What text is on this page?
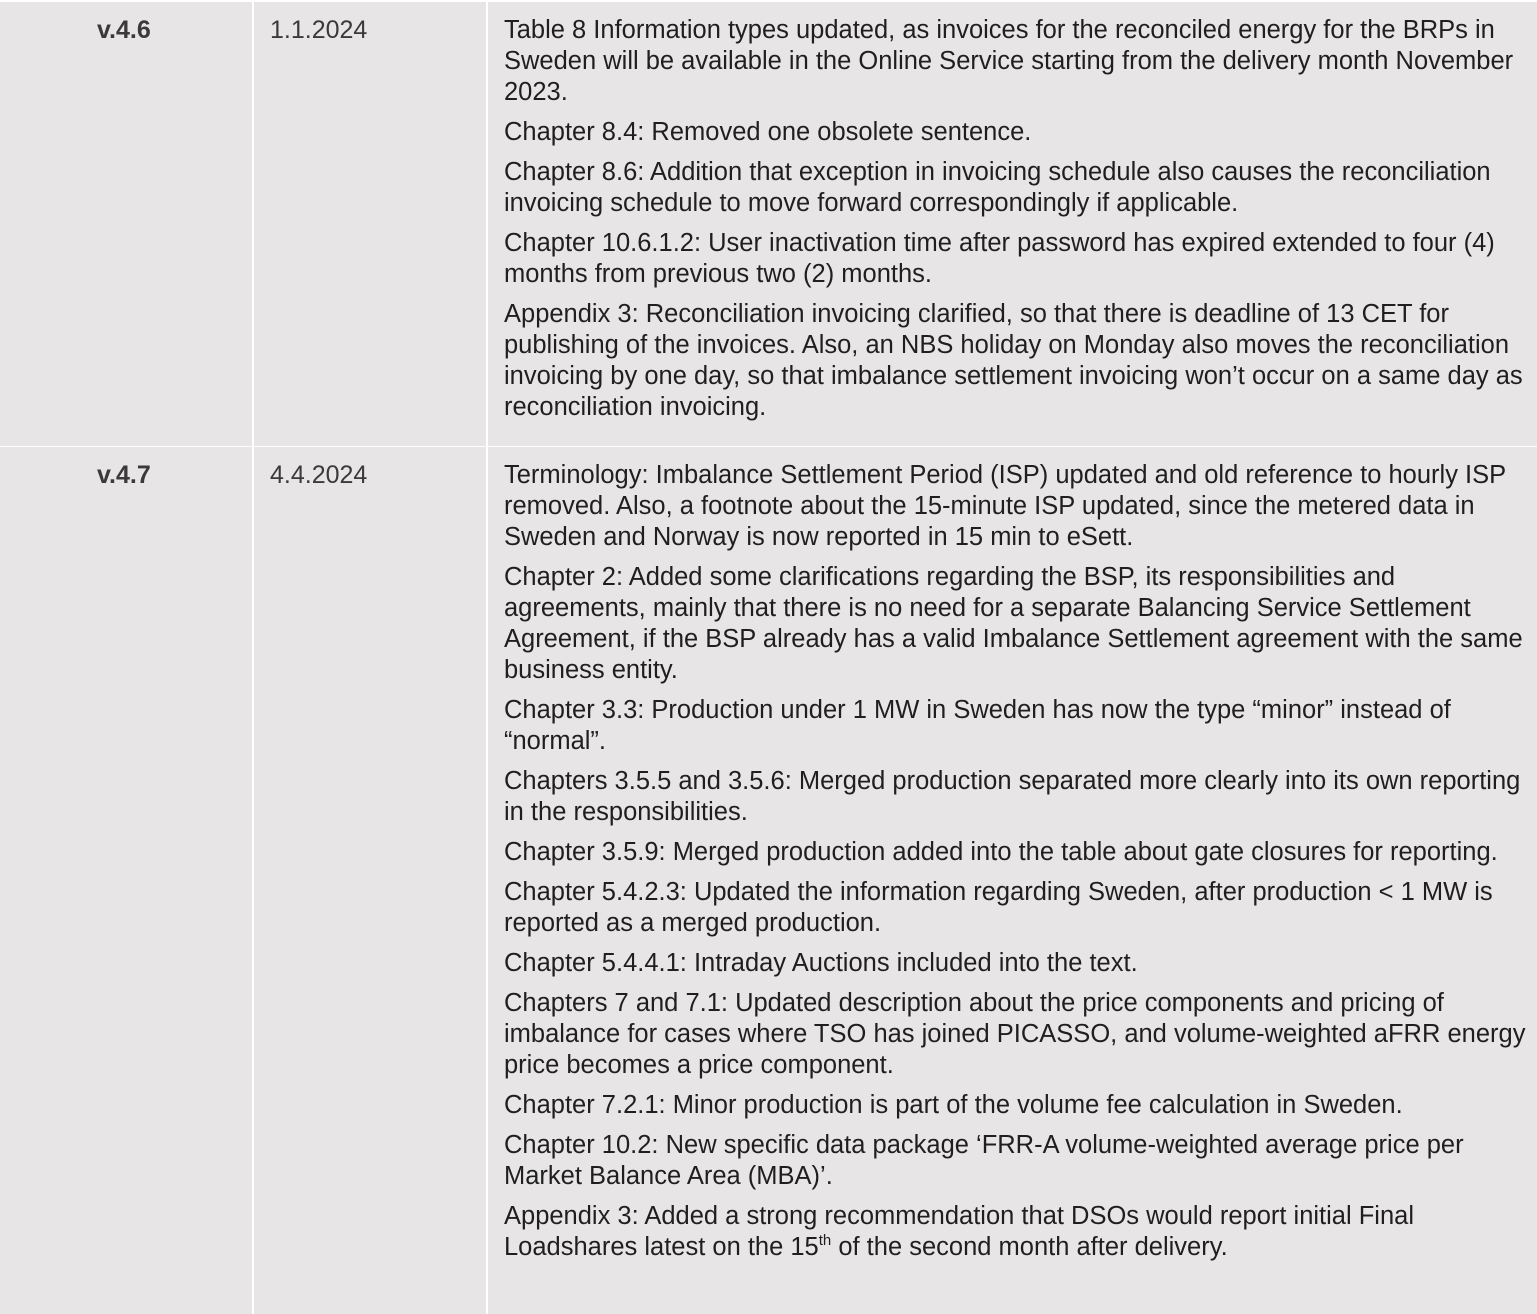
v.4.6	1.1.2024	Table 8 Information types updated, as invoices for the reconciled energy for the BRPs in Sweden will be available in the Online Service starting from the delivery month November 2023.

Chapter 8.4: Removed one obsolete sentence.

Chapter 8.6: Addition that exception in invoicing schedule also causes the reconciliation invoicing schedule to move forward correspondingly if applicable.

Chapter 10.6.1.2: User inactivation time after password has expired extended to four (4) months from previous two (2) months.

Appendix 3: Reconciliation invoicing clarified, so that there is deadline of 13 CET for publishing of the invoices. Also, an NBS holiday on Monday also moves the reconciliation invoicing by one day, so that imbalance settlement invoicing won’t occur on a same day as reconciliation invoicing.

v.4.7	4.4.2024	Terminology: Imbalance Settlement Period (ISP) updated and old reference to hourly ISP removed. Also, a footnote about the 15-minute ISP updated, since the metered data in Sweden and Norway is now reported in 15 min to eSett.

Chapter 2: Added some clarifications regarding the BSP, its responsibilities and agreements, mainly that there is no need for a separate Balancing Service Settlement Agreement, if the BSP already has a valid Imbalance Settlement agreement with the same business entity.

Chapter 3.3: Production under 1 MW in Sweden has now the type “minor” instead of “normal”.

Chapters 3.5.5 and 3.5.6: Merged production separated more clearly into its own reporting in the responsibilities.

Chapter 3.5.9: Merged production added into the table about gate closures for reporting.

Chapter 5.4.2.3: Updated the information regarding Sweden, after production < 1 MW is reported as a merged production.

Chapter 5.4.4.1: Intraday Auctions included into the text.

Chapters 7 and 7.1: Updated description about the price components and pricing of imbalance for cases where TSO has joined PICASSO, and volume-weighted aFRR energy price becomes a price component.

Chapter 7.2.1: Minor production is part of the volume fee calculation in Sweden.

Chapter 10.2: New specific data package ‘FRR-A volume-weighted average price per Market Balance Area (MBA)’.

Appendix 3: Added a strong recommendation that DSOs would report initial Final Loadshares latest on the 15th of the second month after delivery.
